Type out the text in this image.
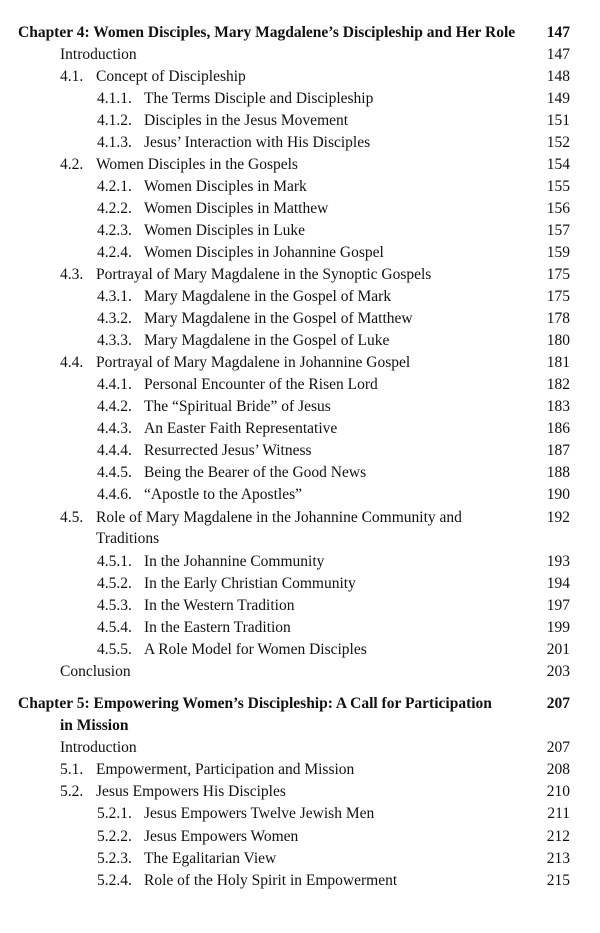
Chapter 4: Women Disciples, Mary Magdalene’s Discipleship and Her Role 147
Introduction	147
4.1. Concept of Discipleship	148
4.1.1. The Terms Disciple and Discipleship	149
4.1.2. Disciples in the Jesus Movement	151
4.1.3. Jesus’ Interaction with His Disciples	152
4.2. Women Disciples in the Gospels	154
4.2.1. Women Disciples in Mark	155
4.2.2. Women Disciples in Matthew	156
4.2.3. Women Disciples in Luke	157
4.2.4. Women Disciples in Johannine Gospel	159
4.3. Portrayal of Mary Magdalene in the Synoptic Gospels	175
4.3.1. Mary Magdalene in the Gospel of Mark	175
4.3.2. Mary Magdalene in the Gospel of Matthew	178
4.3.3. Mary Magdalene in the Gospel of Luke	180
4.4. Portrayal of Mary Magdalene in Johannine Gospel	181
4.4.1. Personal Encounter of the Risen Lord	182
4.4.2. The “Spiritual Bride” of Jesus	183
4.4.3. An Easter Faith Representative	186
4.4.4. Resurrected Jesus’ Witness	187
4.4.5. Being the Bearer of the Good News	188
4.4.6. “Apostle to the Apostles”	190
4.5. Role of Mary Magdalene in the Johannine Community and	192
Traditions
4.5.1. In the Johannine Community	193
4.5.2. In the Early Christian Community	194
4.5.3. In the Western Tradition	197
4.5.4. In the Eastern Tradition	199
4.5.5. A Role Model for Women Disciples	201
Conclusion	203
Chapter 5: Empowering Women’s Discipleship: A Call for Participation	207
in Mission
Introduction	207
5.1. Empowerment, Participation and Mission	208
5.2. Jesus Empowers His Disciples	210
5.2.1. Jesus Empowers Twelve Jewish Men	211
5.2.2. Jesus Empowers Women	212
5.2.3. The Egalitarian View	213
5.2.4. Role of the Holy Spirit in Empowerment	215
